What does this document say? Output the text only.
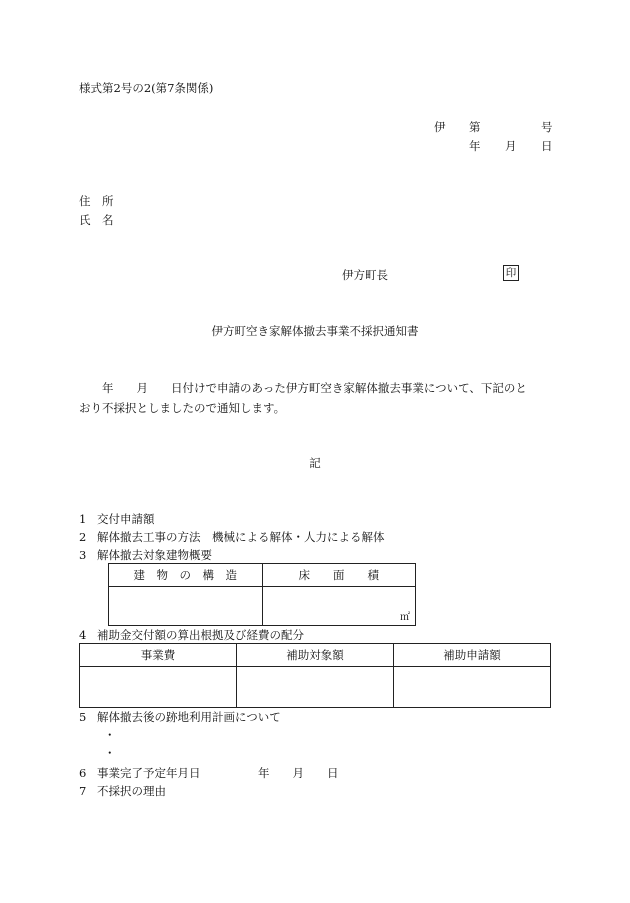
様式第2号の2(第7条関係)
伊 第	号
年 月 日
住　所
氏　名
伊方町長	印
伊方町空き家解体撤去事業不採択通知書
　　年　　月　　日付けで申請のあった伊方町空き家解体撤去事業について、下記のと
おり不採択としましたので通知します。
記
1 交付申請額
2 解体撤去工事の方法　機械による解体・人力による解体
3 解体撤去対象建物概要
建　物　の　構　造	床　　面　　積

	㎡
4 補助金交付額の算出根拠及び経費の配分
事業費	補助対象額	補助申請額

5 解体撤去後の跡地利用計画について
・
・
6 事業完了予定年月日　　　　　年　　月　　日
7 不採択の理由
